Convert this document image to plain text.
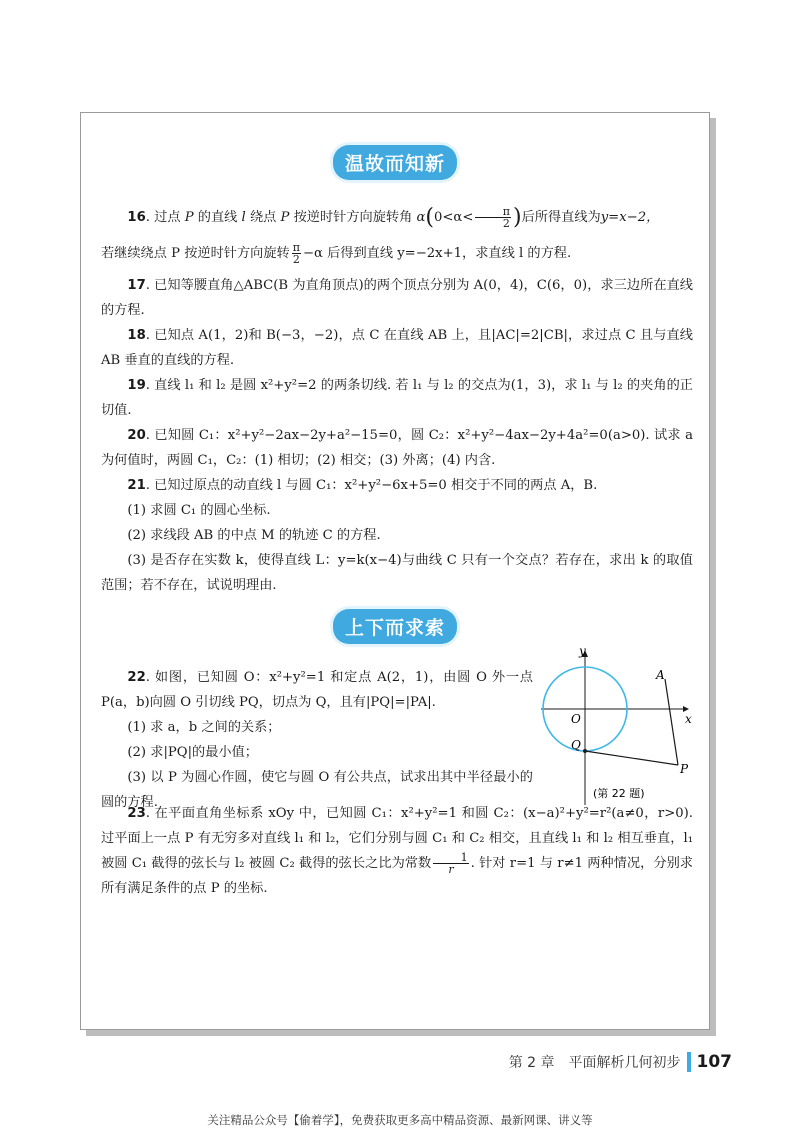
温故而知新
16. 过点 P 的直线 l 绕点 P 按逆时针方向旋转角 $\alpha(0<\alpha< \frac{\pi}{2}$ )后所得直线为y=x−2，
若继续绕点 P 按逆时针方向旋转 $\frac{\pi}{2} -\alpha$ 后得到直线 y=−2x+1，求直线 l 的方程.
17. 已知等腰直角△ABC(B 为直角顶点)的两个顶点分别为 A(0，4)，C(6，0)，求三边所在直线的方程.
18. 已知点 A(1，2)和 B(−3，−2)，点 C 在直线 AB 上，且|AC|=2|CB|，求过点 C 且与直线 AB 垂直的直线的方程.
19. 直线 l₁ 和 l₂ 是圆 x²+y²=2 的两条切线. 若 l₁ 与 l₂ 的交点为(1，3)，求 l₁ 与 l₂ 的夹角的正切值.
20. 已知圆 C₁：x²+y²−2ax−2y+a²−15=0，圆 C₂：x²+y²−4ax−2y+4a²=0(a>0). 试求 a 为何值时，两圆 C₁，C₂：(1) 相切；(2) 相交；(3) 外离；(4) 内含.
21. 已知过原点的动直线 l 与圆 C₁：x²+y²−6x+5=0 相交于不同的两点 A，B.
(1) 求圆 C₁ 的圆心坐标.
(2) 求线段 AB 的中点 M 的轨迹 C 的方程.
(3) 是否存在实数 k，使得直线 L：y=k(x−4)与曲线 C 只有一个交点？若存在，求出 k 的取值范围；若不存在，试说明理由.
上下而求索
22. 如图，已知圆 O：x²+y²=1 和定点 A(2，1)，由圆 O 外一点 P(a，b)向圆 O 引切线 PQ，切点为 Q，且有|PQ|=|PA|.
(1) 求 a，b 之间的关系；
(2) 求|PQ|的最小值；
(3) 以 P 为圆心作圆，使它与圆 O 有公共点，试求出其中半径最小的圆的方程.
y
x
O
Q
A
P
(第 22 题)
23. 在平面直角坐标系 xOy 中，已知圆 C₁：x²+y²=1 和圆 C₂：(x−a)²+y²=r²(a≠0，r>0). 过平面上一点 P 有无穷多对直线 l₁ 和 l₂，它们分别与圆 C₁ 和 C₂ 相交，且直线 l₁ 和 l₂ 相互垂直，l₁ 被圆 C₁ 截得的弦长与 l₂ 被圆 C₂ 截得的弦长之比为常数 $\frac{1}{r}$ . 针对 r=1 与 r≠1 两种情况，分别求所有满足条件的点 P 的坐标.
第 2 章　平面解析几何初步 107
关注精品公众号【偷着学】，免费获取更多高中精品资源、最新网课、讲义等
